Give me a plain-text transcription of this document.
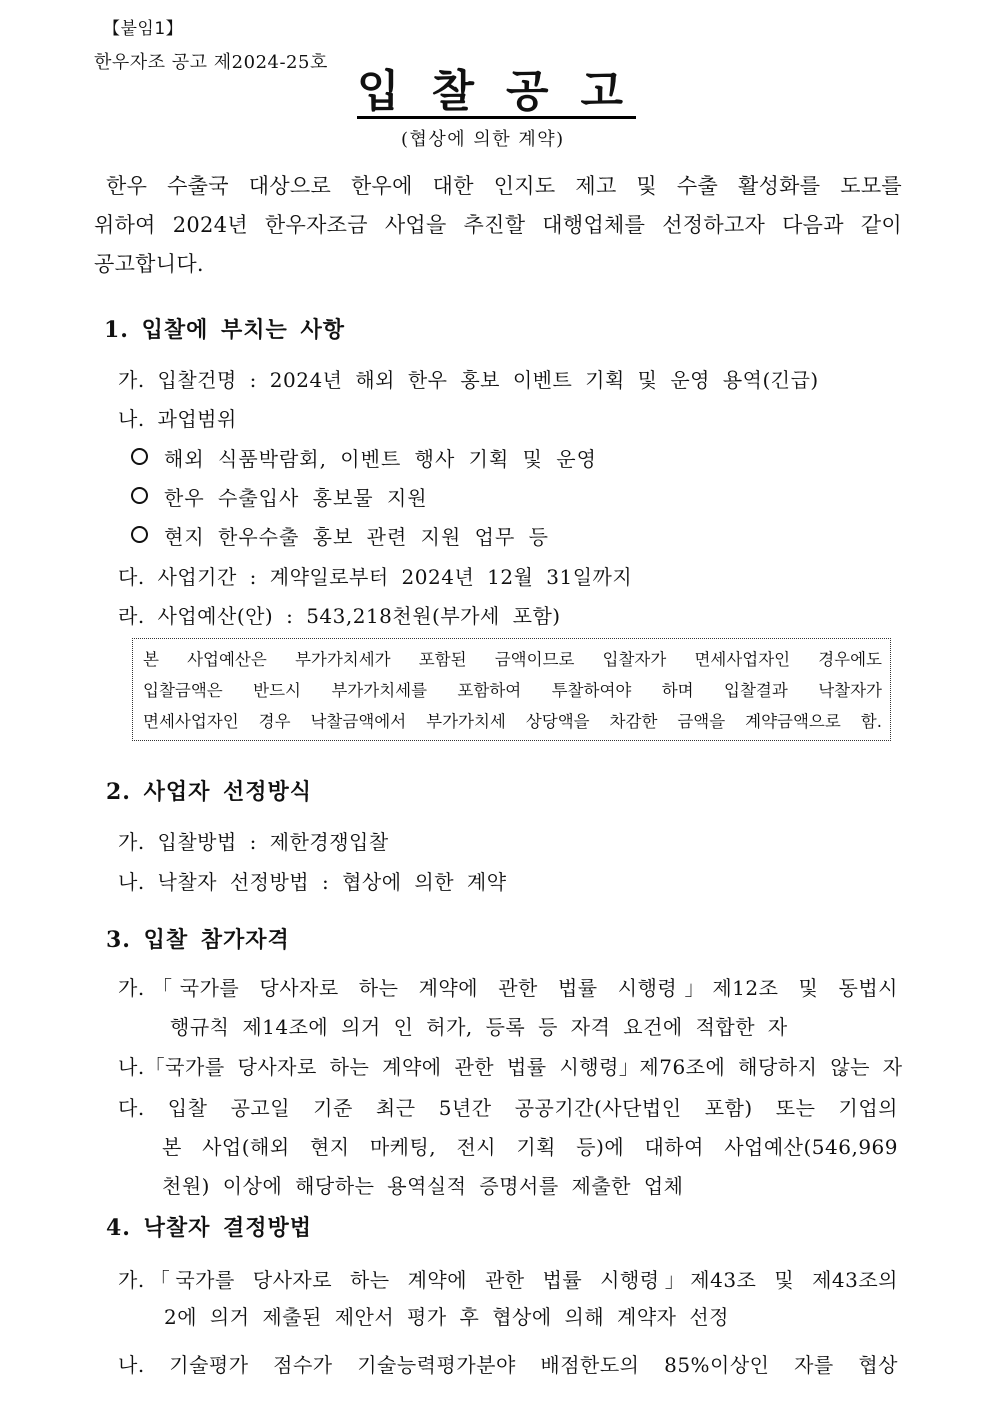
【붙임1】
한우자조 공고 제2024-25호
입찰공고
(협상에 의한 계약)
한우 수출국 대상으로 한우에 대한 인지도 제고 및 수출 활성화를 도모를
위하여 2024년 한우자조금 사업을 추진할 대행업체를 선정하고자 다음과 같이
공고합니다.
1. 입찰에 부치는 사항
가. 입찰건명 : 2024년 해외 한우 홍보 이벤트 기획 및 운영 용역(긴급)
나. 과업범위
해외 식품박람회, 이벤트 행사 기획 및 운영
한우 수출입사 홍보물 지원
현지 한우수출 홍보 관련 지원 업무 등
다. 사업기간 : 계약일로부터 2024년 12월 31일까지
라. 사업예산(안) : 543,218천원(부가세 포함)
본 사업예산은 부가가치세가 포함된 금액이므로 입찰자가 면세사업자인 경우에도
입찰금액은 반드시 부가가치세를 포함하여 투찰하여야 하며 입찰결과 낙찰자가
면세사업자인 경우 낙찰금액에서 부가가치세 상당액을 차감한 금액을 계약금액으로 함.
2. 사업자 선정방식
가. 입찰방법 : 제한경쟁입찰
나. 낙찰자 선정방법 : 협상에 의한 계약
3. 입찰 참가자격
가.「국가를 당사자로 하는 계약에 관한 법률 시행령」제12조 및 동법시
행규칙 제14조에 의거 인 허가, 등록 등 자격 요건에 적합한 자
나.「국가를 당사자로 하는 계약에 관한 법률 시행령」제76조에 해당하지 않는 자
다. 입찰 공고일 기준 최근 5년간 공공기간(사단법인 포함) 또는 기업의
본 사업(해외 현지 마케팅, 전시 기획 등)에 대하여 사업예산(546,969
천원) 이상에 해당하는 용역실적 증명서를 제출한 업체
4. 낙찰자 결정방법
가.「국가를 당사자로 하는 계약에 관한 법률 시행령」제43조 및 제43조의
2에 의거 제출된 제안서 평가 후 협상에 의해 계약자 선정
나. 기술평가 점수가 기술능력평가분야 배점한도의 85%이상인 자를 협상
